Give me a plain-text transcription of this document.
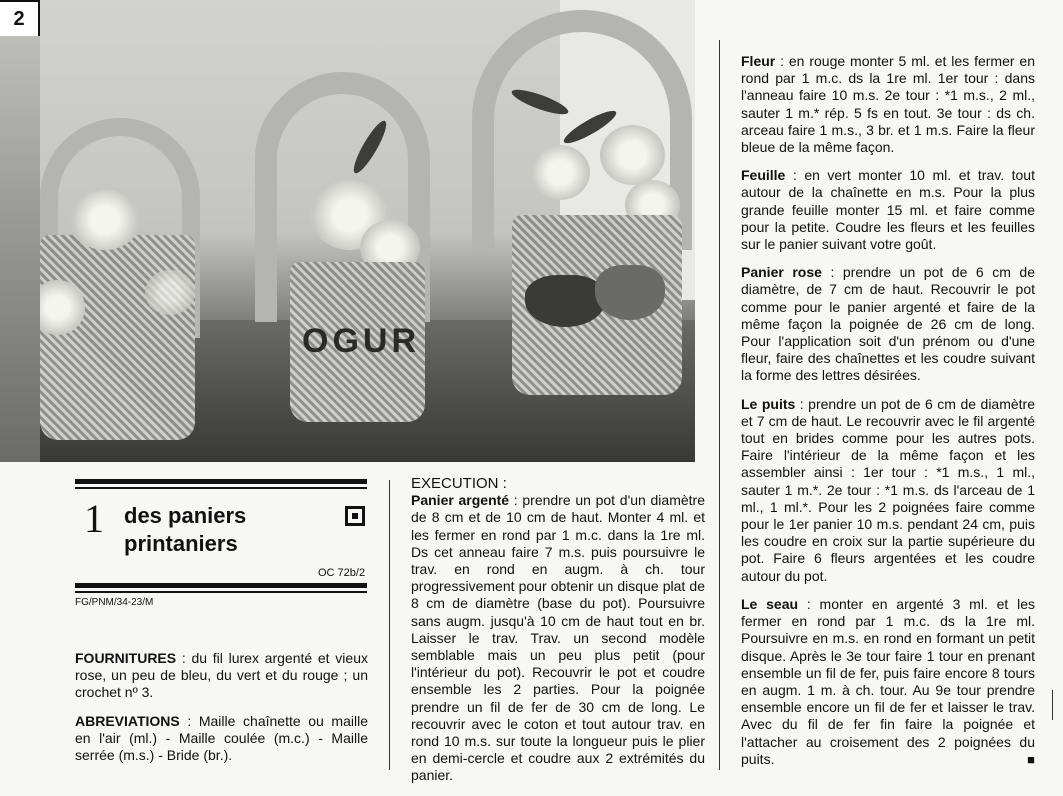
2
OGUR
1 des paniers
printaniers
OC 72b/2
FG/PNM/34-23/M

FOURNITURES : du fil lurex argenté et vieux rose, un peu de bleu, du vert et du rouge ; un crochet nº 3.

ABREVIATIONS : Maille chaînette ou maille en l'air (ml.) - Maille coulée (m.c.) - Maille serrée (m.s.) - Bride (br.).

EXECUTION :

Panier argenté : prendre un pot d'un diamètre de 8 cm et de 10 cm de haut. Monter 4 ml. et les fermer en rond par 1 m.c. dans la 1re ml. Ds cet anneau faire 7 m.s. puis poursuivre le trav. en rond en augm. à ch. tour progressivement pour obtenir un disque plat de 8 cm de diamètre (base du pot). Poursuivre sans augm. jusqu'à 10 cm de haut tout en br. Laisser le trav. Trav. un second modèle semblable mais un peu plus petit (pour l'intérieur du pot). Recouvrir le pot et coudre ensemble les 2 parties. Pour la poignée prendre un fil de fer de 30 cm de long. Le recouvrir avec le coton et tout autour trav. en rond 10 m.s. sur toute la longueur puis le plier en demi-cercle et coudre aux 2 extrémités du panier.

Fleur : en rouge monter 5 ml. et les fermer en rond par 1 m.c. ds la 1re ml. 1er tour : dans l'anneau faire 10 m.s. 2e tour : *1 m.s., 2 ml., sauter 1 m.* rép. 5 fs en tout. 3e tour : ds ch. arceau faire 1 m.s., 3 br. et 1 m.s. Faire la fleur bleue de la même façon.

Feuille : en vert monter 10 ml. et trav. tout autour de la chaînette en m.s. Pour la plus grande feuille monter 15 ml. et faire comme pour la petite. Coudre les fleurs et les feuilles sur le panier suivant votre goût.

Panier rose : prendre un pot de 6 cm de diamètre, de 7 cm de haut. Recouvrir le pot comme pour le panier argenté et faire de la même façon la poignée de 26 cm de long. Pour l'application soit d'un prénom ou d'une fleur, faire des chaînettes et les coudre suivant la forme des lettres désirées.

Le puits : prendre un pot de 6 cm de diamètre et 7 cm de haut. Le recouvrir avec le fil argenté tout en brides comme pour les autres pots. Faire l'intérieur de la même façon et les assembler ainsi : 1er tour : *1 m.s., 1 ml., sauter 1 m.*. 2e tour : *1 m.s. ds l'arceau de 1 ml., 1 ml.*. Pour les 2 poignées faire comme pour le 1er panier 10 m.s. pendant 24 cm, puis les coudre en croix sur la partie supérieure du pot. Faire 6 fleurs argentées et les coudre autour du pot.

Le seau : monter en argenté 3 ml. et les fermer en rond par 1 m.c. ds la 1re ml. Poursuivre en m.s. en rond en formant un petit disque. Après le 3e tour faire 1 tour en prenant ensemble un fil de fer, puis faire encore 8 tours en augm. 1 m. à ch. tour. Au 9e tour prendre ensemble encore un fil de fer et laisser le trav. Avec du fil de fer fin faire la poignée et l'attacher au croisement des 2 poignées du puits.	■
